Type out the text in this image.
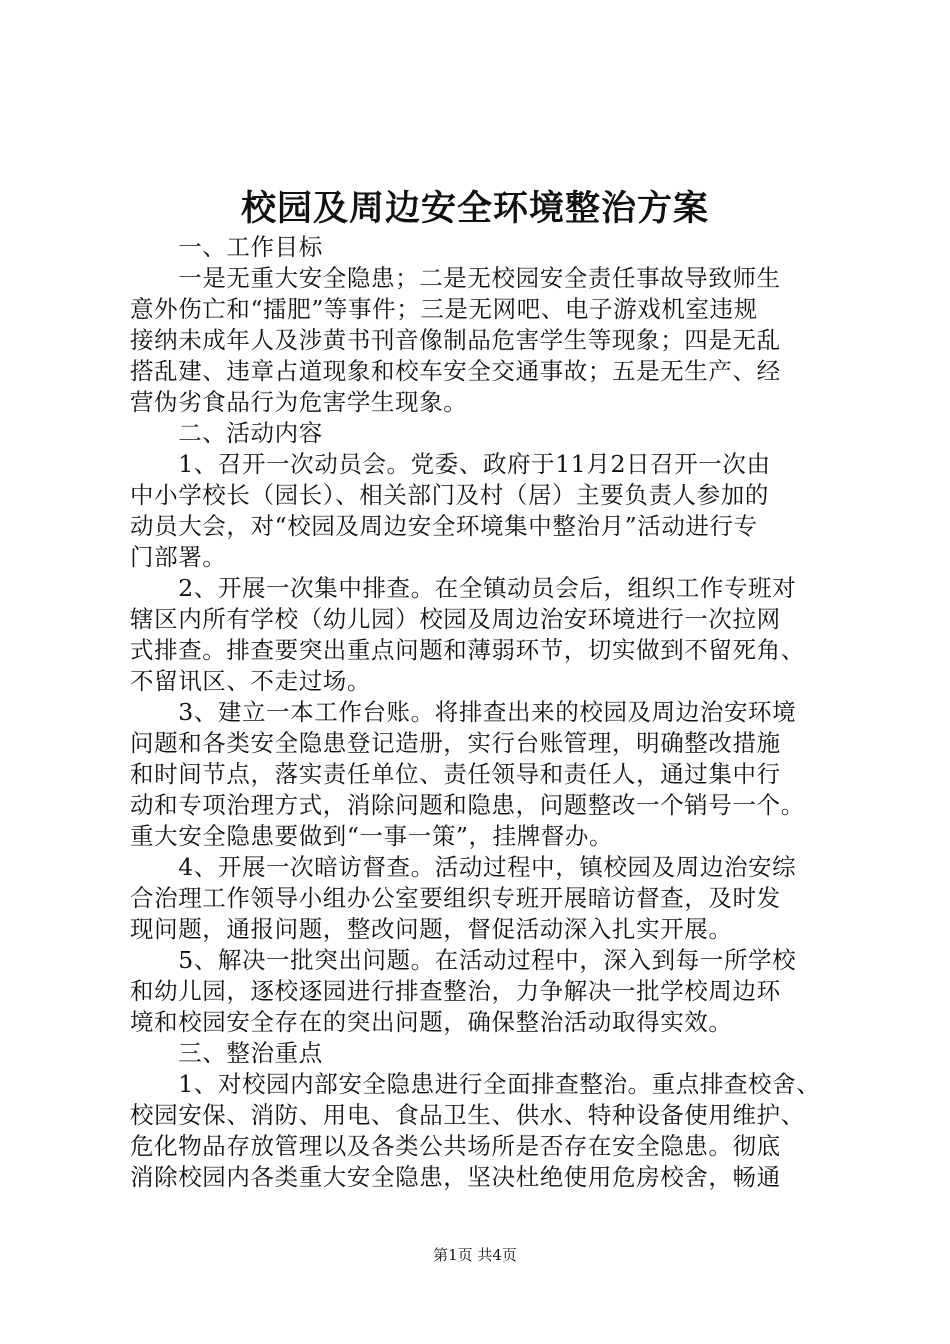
校园及周边安全环境整治方案
　　一、工作目标
　　一是无重大安全隐患；二是无校园安全责任事故导致师生
意外伤亡和“擂肥”等事件；三是无网吧、电子游戏机室违规
接纳未成年人及涉黄书刊音像制品危害学生等现象；四是无乱
搭乱建、违章占道现象和校车安全交通事故；五是无生产、经
营伪劣食品行为危害学生现象。
　　二、活动内容
　　1、召开一次动员会。党委、政府于11月2日召开一次由
中小学校长（园长）、相关部门及村（居）主要负责人参加的
动员大会，对“校园及周边安全环境集中整治月”活动进行专
门部署。
　　2、开展一次集中排查。在全镇动员会后，组织工作专班对
辖区内所有学校（幼儿园）校园及周边治安环境进行一次拉网
式排查。排查要突出重点问题和薄弱环节，切实做到不留死角、
不留讯区、不走过场。
　　3、建立一本工作台账。将排查出来的校园及周边治安环境
问题和各类安全隐患登记造册，实行台账管理，明确整改措施
和时间节点，落实责任单位、责任领导和责任人，通过集中行
动和专项治理方式，消除问题和隐患，问题整改一个销号一个。
重大安全隐患要做到“一事一策”，挂牌督办。
　　4、开展一次暗访督查。活动过程中，镇校园及周边治安综
合治理工作领导小组办公室要组织专班开展暗访督查，及时发
现问题，通报问题，整改问题，督促活动深入扎实开展。
　　5、解决一批突出问题。在活动过程中，深入到每一所学校
和幼儿园，逐校逐园进行排查整治，力争解决一批学校周边环
境和校园安全存在的突出问题，确保整治活动取得实效。
　　三、整治重点
　　1、对校园内部安全隐患进行全面排查整治。重点排查校舍、
校园安保、消防、用电、食品卫生、供水、特种设备使用维护、
危化物品存放管理以及各类公共场所是否存在安全隐患。彻底
消除校园内各类重大安全隐患，坚决杜绝使用危房校舍，畅通
第1页 共4页
